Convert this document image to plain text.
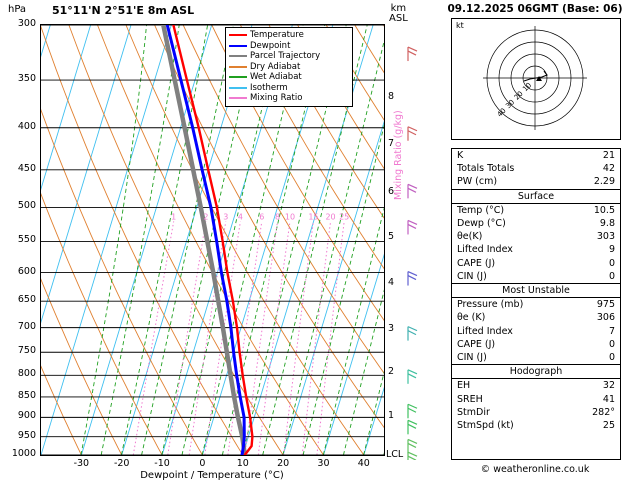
hPa 51°11'N 2°51'E 8m ASL	km
ASL
1	2 3 4 6 8 10 15 20 25
Temperature
Dewpoint
Parcel Trajectory
Dry Adiabat
Wet Adiabat
Isotherm
Mixing Ratio
300
350
400
450
500
550
600
650
700
750
800
850
900
950
1000
-30	-20	-10	0	10	20	30	40
1
2
3
4
5
6
7
8
LCL
Mixing Ratio (g/kg)
Dewpoint / Temperature (°C)
09.12.2025 06GMT (Base: 06)
kt
10
20
30
40
K	21
Totals Totals	42
PW (cm)	2.29
Surface
Temp (°C)	10.5
Dewp (°C)	9.8
θe(K)	303
Lifted Index	9
CAPE (J)	0
CIN (J)	0
Most Unstable
Pressure (mb)	975
θe (K)	306
Lifted Index	7
CAPE (J)	0
CIN (J)	0
Hodograph
EH	32
SREH	41
StmDir	282°
StmSpd (kt)	25
© weatheronline.co.uk
